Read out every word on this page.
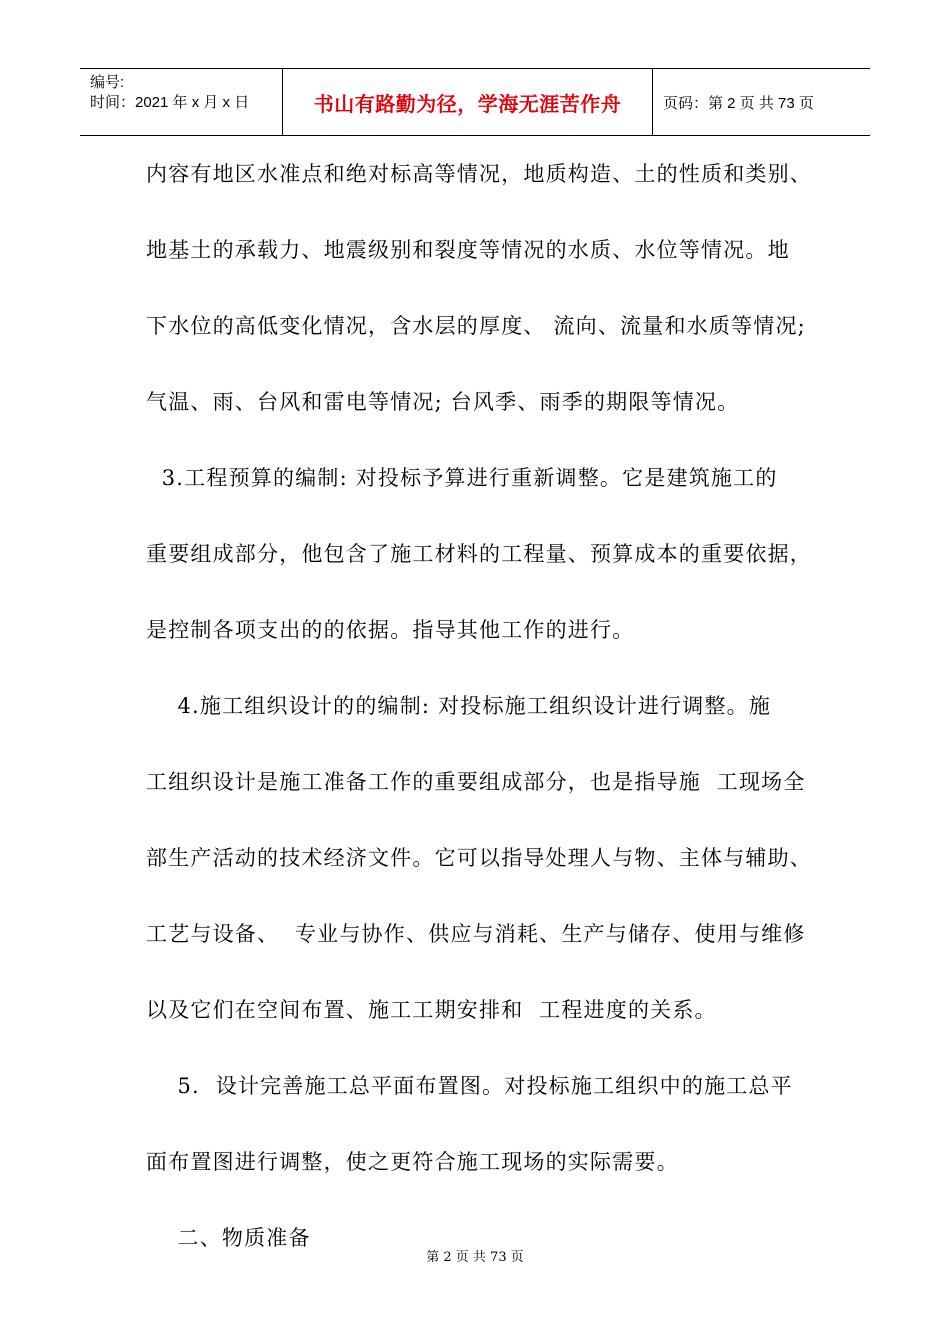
编号:
时间：2021 年 x 月 x 日	书山有路勤为径，学海无涯苦作舟	页码：第 2 页 共 73 页
内容有地区水准点和绝对标高等情况，地质构造、土的性质和类别、
地基土的承载力、地震级别和裂度等情况的水质、水位等情况。地
下水位的高低变化情况，含水层的厚度、 流向、流量和水质等情况;
气温、雨、台风和雷电等情况; 台风季、雨季的期限等情况。
3.工程预算的编制: 对投标予算进行重新调整。它是建筑施工的
重要组成部分，他包含了施工材料的工程量、预算成本的重要依据，
是控制各项支出的的依据。指导其他工作的进行。
4.施工组织设计的的编制: 对投标施工组织设计进行调整。施
工组织设计是施工准备工作的重要组成部分，也是指导施  工现场全
部生产活动的技术经济文件。它可以指导处理人与物、主体与辅助、
工艺与设备、  专业与协作、供应与消耗、生产与储存、使用与维修
以及它们在空间布置、施工工期安排和  工程进度的关系。
5.  设计完善施工总平面布置图。对投标施工组织中的施工总平
面布置图进行调整，使之更符合施工现场的实际需要。
二、物质准备
第 2 页 共 73 页
